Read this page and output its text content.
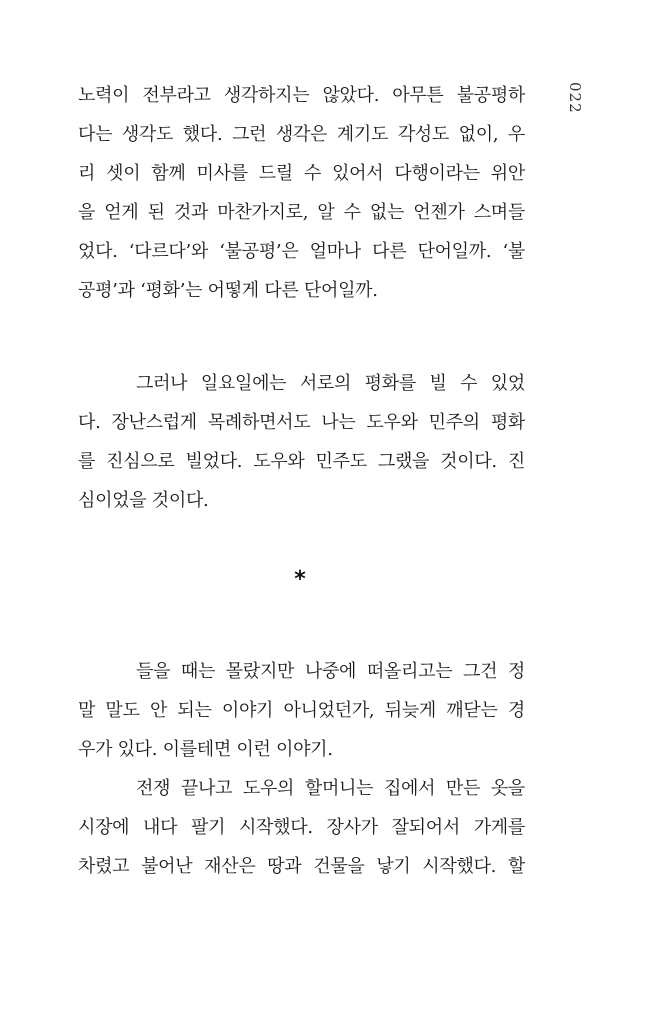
022
노력이 전부라고 생각하지는 않았다. 아무튼 불공평하
다는 생각도 했다. 그런 생각은 계기도 각성도 없이, 우
리 셋이 함께 미사를 드릴 수 있어서 다행이라는 위안
을 얻게 된 것과 마찬가지로, 알 수 없는 언젠가 스며들
었다. ‘다르다’와 ‘불공평’은 얼마나 다른 단어일까. ‘불
공평’과 ‘평화’는 어떻게 다른 단어일까.
그러나 일요일에는 서로의 평화를 빌 수 있었
다. 장난스럽게 목례하면서도 나는 도우와 민주의 평화
를 진심으로 빌었다. 도우와 민주도 그랬을 것이다. 진
심이었을 것이다.
*
들을 때는 몰랐지만 나중에 떠올리고는 그건 정
말 말도 안 되는 이야기 아니었던가, 뒤늦게 깨닫는 경
우가 있다. 이를테면 이런 이야기.
전쟁 끝나고 도우의 할머니는 집에서 만든 옷을
시장에 내다 팔기 시작했다. 장사가 잘되어서 가게를
차렸고 불어난 재산은 땅과 건물을 낳기 시작했다. 할
